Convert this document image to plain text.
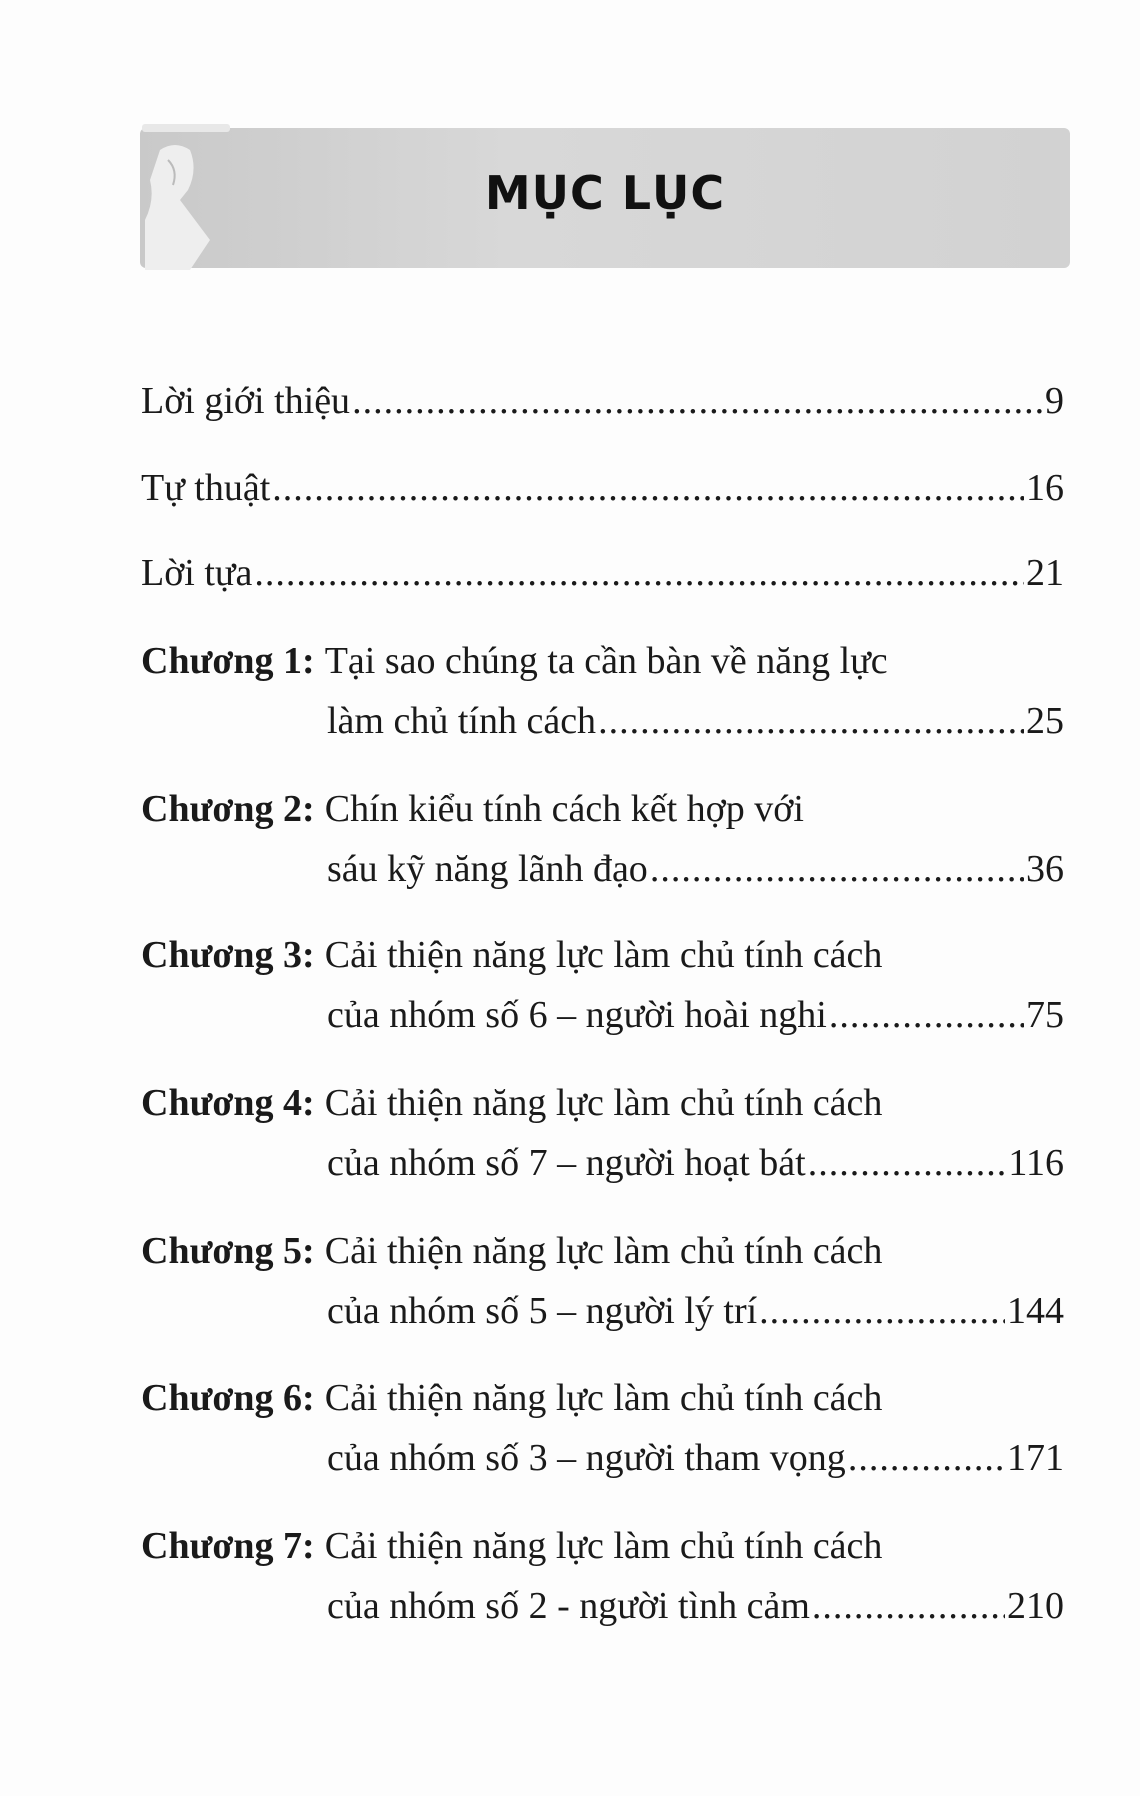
MỤC LỤC
Lời giới thiệu .....	9
Tự thuật .....	16
Lời tựa .....	21
Chương 1: Tại sao chúng ta cần bàn về năng lực
làm chủ tính cách .....	25
Chương 2: Chín kiểu tính cách kết hợp với
sáu kỹ năng lãnh đạo .....	36
Chương 3: Cải thiện năng lực làm chủ tính cách
của nhóm số 6 – người hoài nghi .....	75
Chương 4: Cải thiện năng lực làm chủ tính cách
của nhóm số 7 – người hoạt bát .....	116
Chương 5: Cải thiện năng lực làm chủ tính cách
của nhóm số 5 – người lý trí .....	144
Chương 6: Cải thiện năng lực làm chủ tính cách
của nhóm số 3 – người tham vọng .....	171
Chương 7: Cải thiện năng lực làm chủ tính cách
của nhóm số 2 - người tình cảm .....	210
